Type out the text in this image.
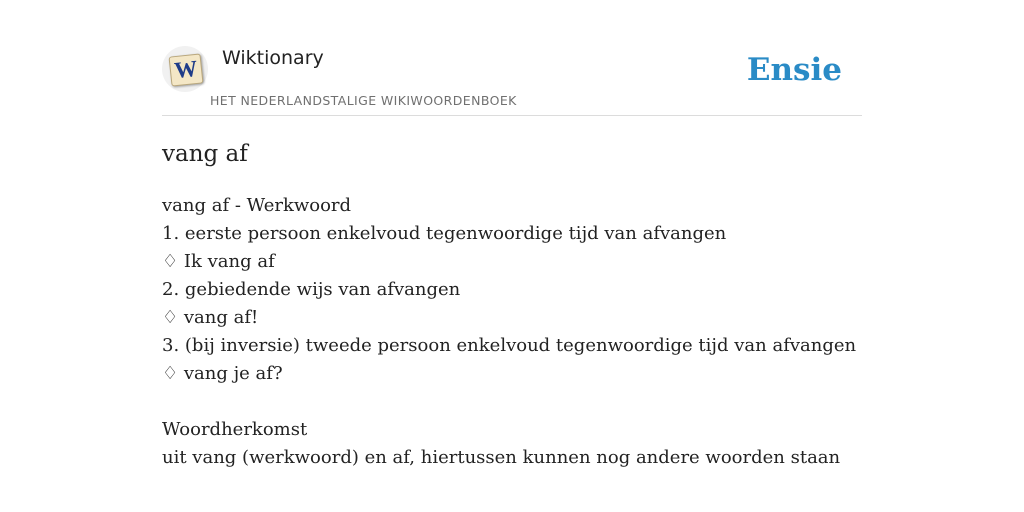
W Wiktionary
HET NEDERLANDSTALIGE WIKIWOORDENBOEK
Ensie
vang af
vang af - Werkwoord
1. eerste persoon enkelvoud tegenwoordige tijd van afvangen
♢ Ik vang af
2. gebiedende wijs van afvangen
♢ vang af!
3. (bij inversie) tweede persoon enkelvoud tegenwoordige tijd van afvangen
♢ vang je af?
Woordherkomst
uit vang (werkwoord) en af, hiertussen kunnen nog andere woorden staan
